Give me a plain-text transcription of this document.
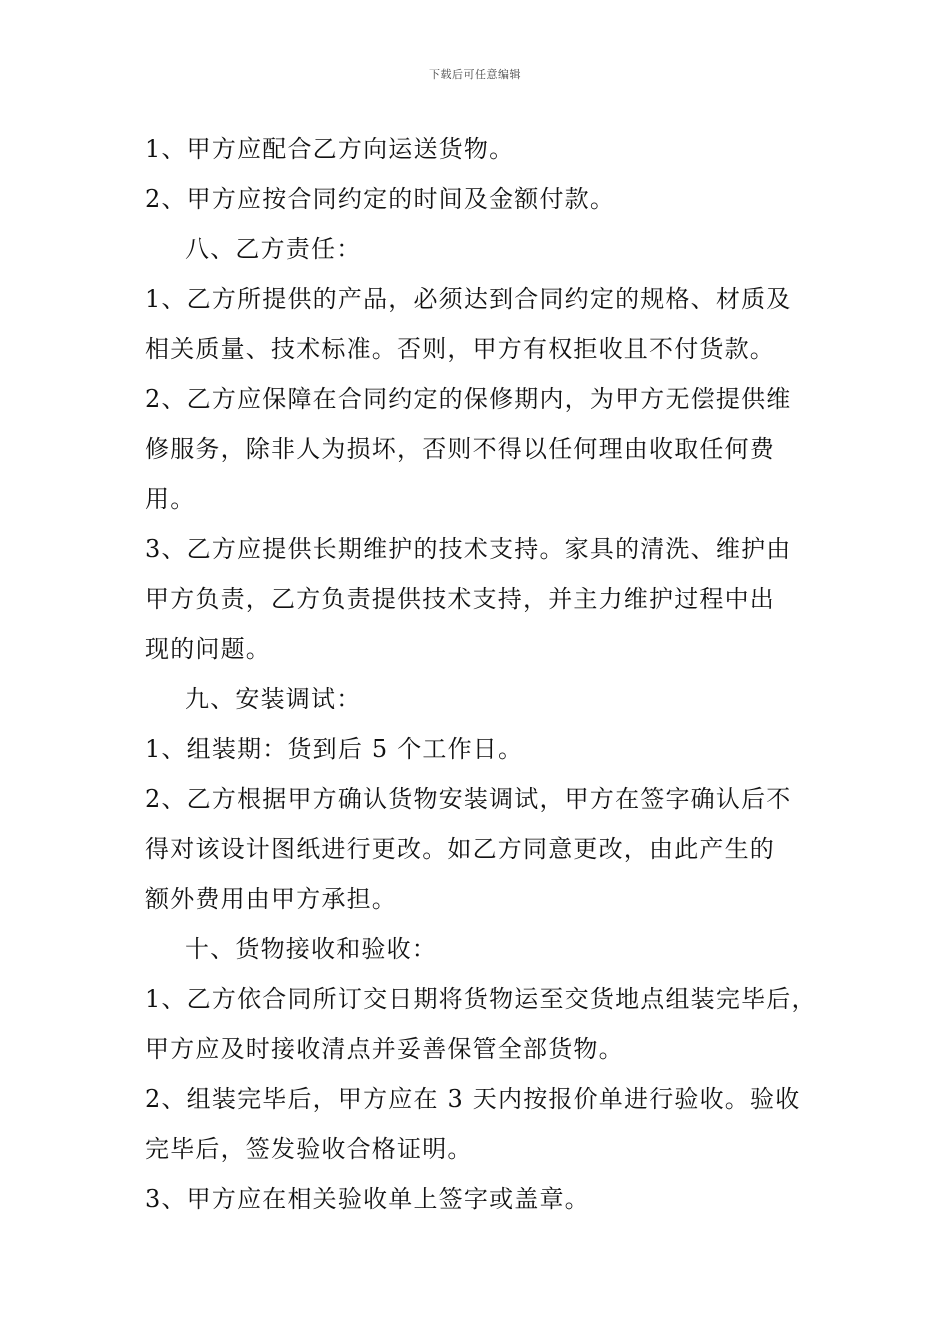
下载后可任意编辑
1、甲方应配合乙方向运送货物。
2、甲方应按合同约定的时间及金额付款。
八、乙方责任：
1、乙方所提供的产品，必须达到合同约定的规格、材质及
相关质量、技术标准。否则，甲方有权拒收且不付货款。
2、乙方应保障在合同约定的保修期内，为甲方无偿提供维
修服务，除非人为损坏，否则不得以任何理由收取任何费
用。
3、乙方应提供长期维护的技术支持。家具的清洗、维护由
甲方负责，乙方负责提供技术支持，并主力维护过程中出
现的问题。
九、安装调试：
1、组装期：货到后 5 个工作日。
2、乙方根据甲方确认货物安装调试，甲方在签字确认后不
得对该设计图纸进行更改。如乙方同意更改，由此产生的
额外费用由甲方承担。
十、货物接收和验收：
1、乙方依合同所订交日期将货物运至交货地点组装完毕后，
甲方应及时接收清点并妥善保管全部货物。
2、组装完毕后，甲方应在 3 天内按报价单进行验收。验收
完毕后，签发验收合格证明。
3、甲方应在相关验收单上签字或盖章。
